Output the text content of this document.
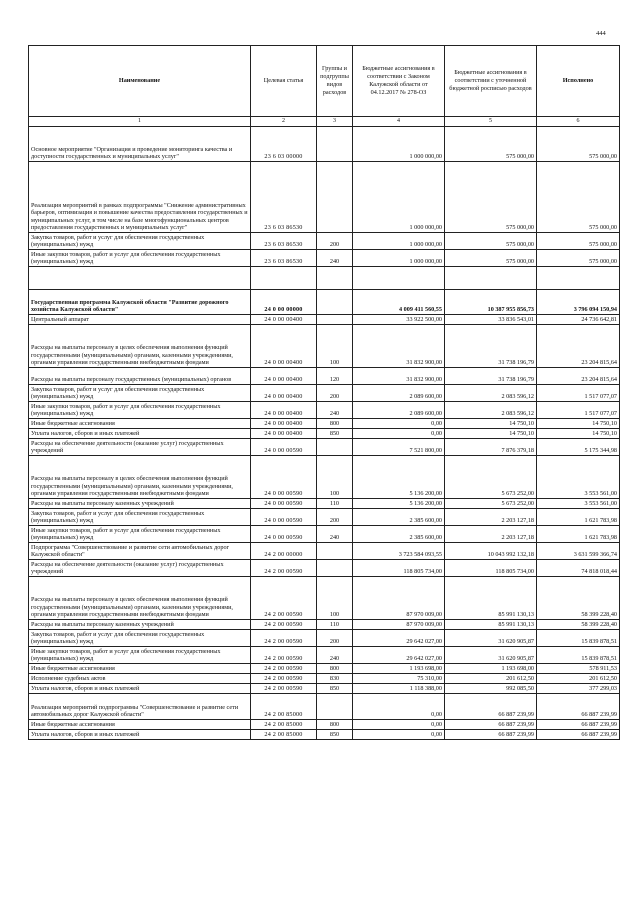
444
Наименование	Целевая статья	Группы и подгруппы видов расходов	Бюджетные ассигнования в соответствии с Законом Калужской области от 04.12.2017 № 278-ОЗ	Бюджетные ассигнования в соответствии с уточненной бюджетной росписью расходов	Исполнено
1	2	3	4	5	6
Основное мероприятие "Организация и проведение мониторинга качества и доступности государственных и муниципальных услуг"	23 6 03 00000		1 000 000,00	575 000,00	575 000,00
Реализация мероприятий в рамках подпрограммы "Снижение административных барьеров, оптимизация и повышение качества предоставления государственных и муниципальных услуг, в том числе на базе многофункциональных центров предоставления государственных и муниципальных услуг"	23 6 03 86530		1 000 000,00	575 000,00	575 000,00
Закупка товаров, работ и услуг для обеспечения государственных (муниципальных) нужд	23 6 03 86530	200	1 000 000,00	575 000,00	575 000,00
Иные закупки товаров, работ и услуг для обеспечения государственных (муниципальных) нужд	23 6 03 86530	240	1 000 000,00	575 000,00	575 000,00

Государственная программа Калужской области "Развитие дорожного хозяйства Калужской области"	24 0 00 00000		4 009 411 560,55	10 387 955 856,73	3 796 094 150,94
Центральный аппарат	24 0 00 00400		33 922 500,00	33 836 543,01	24 736 642,81
Расходы на выплаты персоналу в целях обеспечения выполнения функций государственными (муниципальными) органами, казенными учреждениями, органами управления государственными внебюджетными фондами	24 0 00 00400	100	31 832 900,00	31 738 196,79	23 204 815,64
Расходы на выплаты персоналу государственных (муниципальных) органов	24 0 00 00400	120	31 832 900,00	31 738 196,79	23 204 815,64
Закупка товаров, работ и услуг для обеспечения государственных (муниципальных) нужд	24 0 00 00400	200	2 089 600,00	2 083 596,12	1 517 077,07
Иные закупки товаров, работ и услуг для обеспечения государственных (муниципальных) нужд	24 0 00 00400	240	2 089 600,00	2 083 596,12	1 517 077,07
Иные бюджетные ассигнования	24 0 00 00400	800	0,00	14 750,10	14 750,10
Уплата налогов, сборов и иных платежей	24 0 00 00400	850	0,00	14 750,10	14 750,10
Расходы на обеспечение деятельности (оказание услуг) государственных учреждений	24 0 00 00590		7 521 800,00	7 876 379,18	5 175 344,98
Расходы на выплаты персоналу в целях обеспечения выполнения функций государственными (муниципальными) органами, казенными учреждениями, органами управления государственными внебюджетными фондами	24 0 00 00590	100	5 136 200,00	5 673 252,00	3 553 561,00
Расходы на выплаты персоналу казенных учреждений	24 0 00 00590	110	5 136 200,00	5 673 252,00	3 553 561,00
Закупка товаров, работ и услуг для обеспечения государственных (муниципальных) нужд	24 0 00 00590	200	2 385 600,00	2 203 127,18	1 621 783,98
Иные закупки товаров, работ и услуг для обеспечения государственных (муниципальных) нужд	24 0 00 00590	240	2 385 600,00	2 203 127,18	1 621 783,98
Подпрограмма "Совершенствование и развитие сети автомобильных дорог Калужской области"	24 2 00 00000		3 723 584 093,55	10 043 992 132,18	3 631 599 366,74
Расходы на обеспечение деятельности (оказание услуг) государственных учреждений	24 2 00 00590		118 805 734,00	118 805 734,00	74 818 018,44
Расходы на выплаты персоналу в целях обеспечения выполнения функций государственными (муниципальными) органами, казенными учреждениями, органами управления государственными внебюджетными фондами	24 2 00 00590	100	87 970 009,00	85 991 130,13	58 399 228,40
Расходы на выплаты персоналу казенных учреждений	24 2 00 00590	110	87 970 009,00	85 991 130,13	58 399 228,40
Закупка товаров, работ и услуг для обеспечения государственных (муниципальных) нужд	24 2 00 00590	200	29 642 027,00	31 620 905,87	15 839 878,51
Иные закупки товаров, работ и услуг для обеспечения государственных (муниципальных) нужд	24 2 00 00590	240	29 642 027,00	31 620 905,87	15 839 878,51
Иные бюджетные ассигнования	24 2 00 00590	800	1 193 698,00	1 193 698,00	578 911,53
Исполнение судебных актов	24 2 00 00590	830	75 310,00	201 612,50	201 612,50
Уплата налогов, сборов и иных платежей	24 2 00 00590	850	1 118 388,00	992 085,50	377 299,03
Реализация мероприятий подпрограммы "Совершенствование и развитие сети автомобильных дорог Калужской области"	24 2 00 85000		0,00	66 887 239,99	66 887 239,99
Иные бюджетные ассигнования	24 2 00 85000	800	0,00	66 887 239,99	66 887 239,99
Уплата налогов, сборов и иных платежей	24 2 00 85000	850	0,00	66 887 239,99	66 887 239,99
